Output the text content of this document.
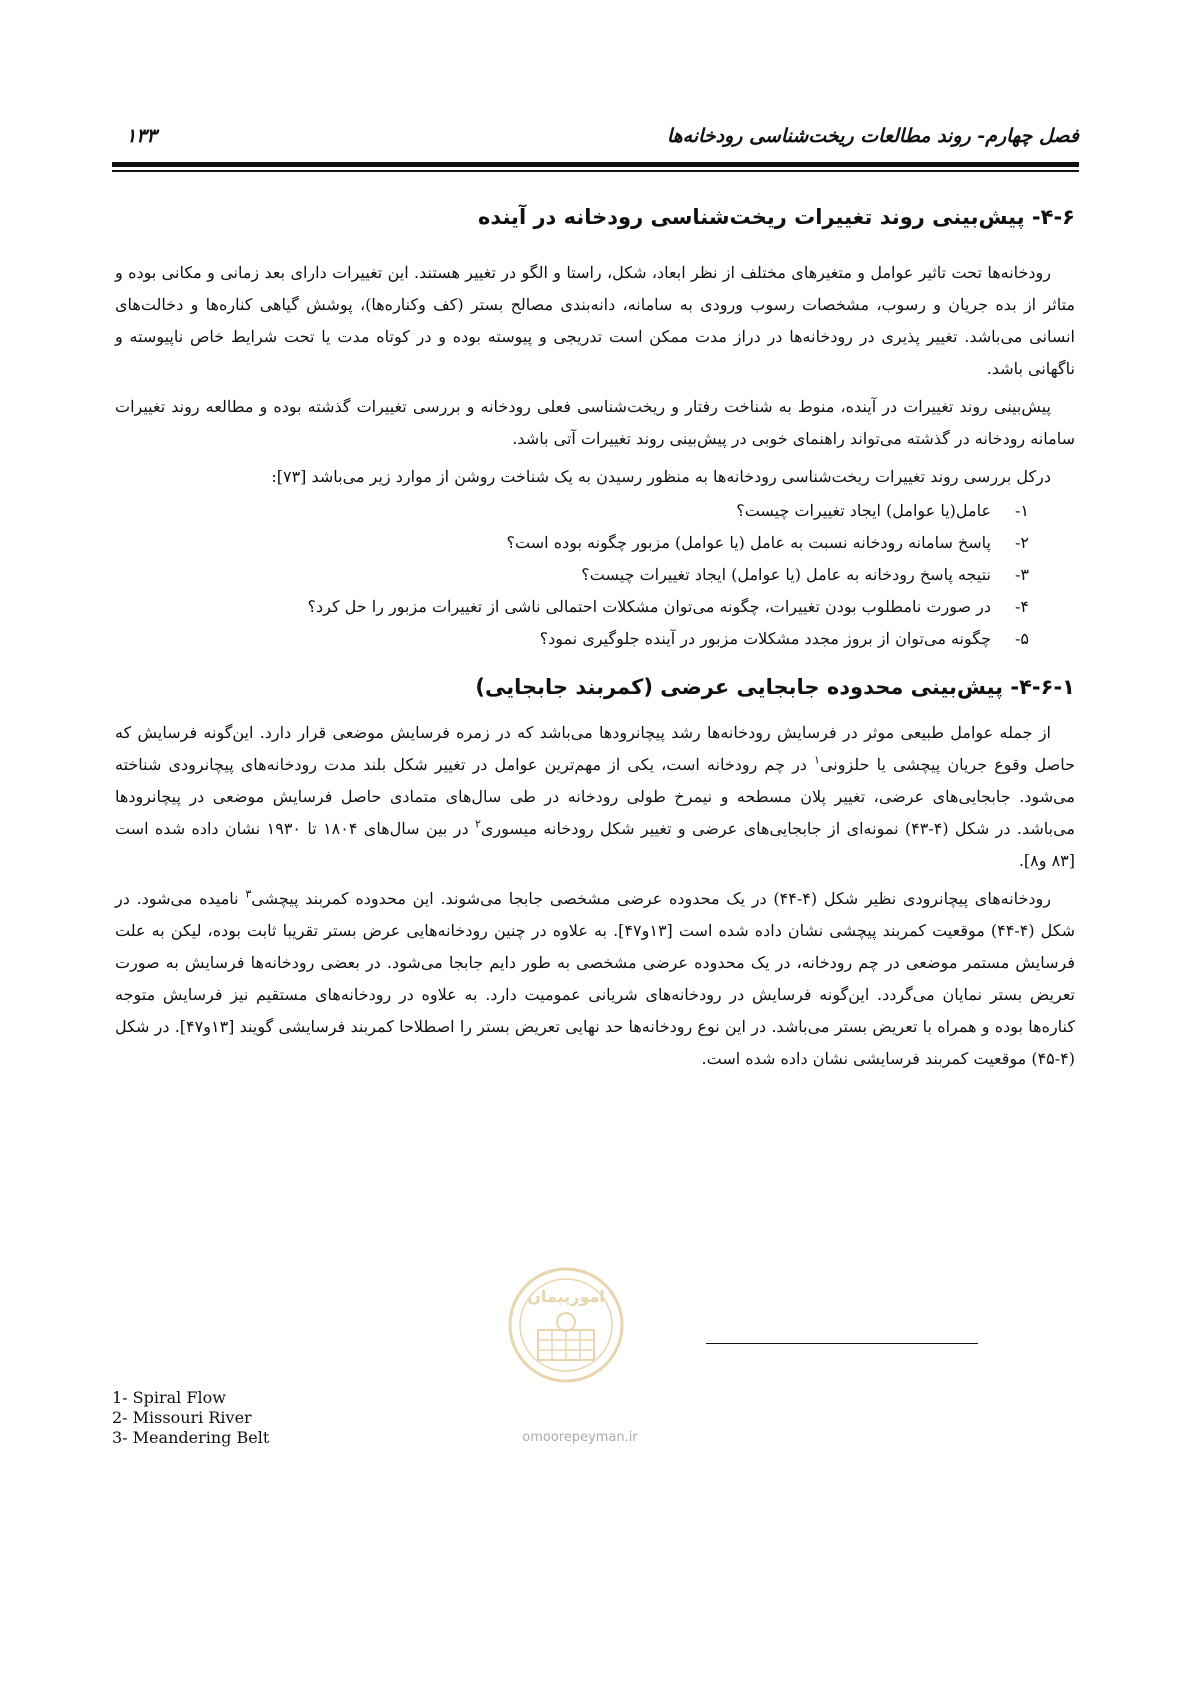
فصل چهارم- روند مطالعات ریخت‌شناسی رودخانه‌ها
۱۳۳
۴-۶- پیش‌بینی روند تغییرات ریخت‌شناسی رودخانه در آینده

رودخانه‌ها تحت تاثیر عوامل و متغیرهای مختلف از نظر ابعاد، شکل، راستا و الگو در تغییر هستند. این تغییرات دارای بعد زمانی و مکانی بوده و متاثر از بده جریان و رسوب، مشخصات رسوب ورودی به سامانه، دانه‌بندی مصالح بستر (کف وکناره‌ها)، پوشش گیاهی کناره‌ها و دخالت‌های انسانی می‌باشد. تغییر پذیری در رودخانه‌ها در دراز مدت ممکن است تدریجی و پیوسته بوده و در کوتاه مدت یا تحت شرایط خاص ناپیوسته و ناگهانی باشد.

پیش‌بینی روند تغییرات در آینده، منوط به شناخت رفتار و ریخت‌شناسی فعلی رودخانه و بررسی تغییرات گذشته بوده و مطالعه روند تغییرات سامانه رودخانه در گذشته می‌تواند راهنمای خوبی در پیش‌بینی روند تغییرات آتی باشد.

درکل بررسی روند تغییرات ریخت‌شناسی رودخانه‌ها به منظور رسیدن به یک شناخت روشن از موارد زیر می‌باشد [۷۳]:
۱-
عامل(یا عوامل) ایجاد تغییرات چیست؟
۲-
پاسخ سامانه رودخانه نسبت به عامل (یا عوامل) مزبور چگونه بوده است؟
۳-
نتیجه پاسخ رودخانه به عامل (یا عوامل) ایجاد تغییرات چیست؟
۴-
در صورت نامطلوب بودن تغییرات، چگونه می‌توان مشکلات احتمالی ناشی از تغییرات مزبور را حل کرد؟
۵-
چگونه می‌توان از بروز مجدد مشکلات مزبور در آینده جلوگیری نمود؟
۴-۶-۱- پیش‌بینی محدوده جابجایی عرضی (کمربند جابجایی)

از جمله عوامل طبیعی موثر در فرسایش رودخانه‌ها رشد پیچانرودها می‌باشد که در زمره فرسایش موضعی قرار دارد. این‌گونه فرسایش که حاصل وقوع جریان پیچشی یا حلزونی$^۱$ در چم رودخانه است، یکی از مهم‌ترین عوامل در تغییر شکل بلند مدت رودخانه‌های پیچانرودی شناخته می‌شود. جابجایی‌های عرضی، تغییر پلان مسطحه و نیمرخ طولی رودخانه در طی سال‌های متمادی حاصل فرسایش موضعی در پیچانرودها می‌باشد. در شکل (۴-۴۳) نمونه‌ای از جابجایی‌های عرضی و تغییر شکل رودخانه میسوری$^۲$ در بین سال‌های ۱۸۰۴ تا ۱۹۳۰ نشان داده شده است [۸۳ و۸].

رودخانه‌های پیچانرودی نظیر شکل (۴-۴۴) در یک محدوده عرضی مشخصی جابجا می‌شوند. این محدوده کمربند پیچشی$^۳$ نامیده می‌شود. در شکل (۴-۴۴) موقعیت کمربند پیچشی نشان داده شده است [۱۳و۴۷]. به علاوه در چنین رودخانه‌هایی عرض بستر تقریبا ثابت بوده، لیکن به علت فرسایش مستمر موضعی در چم رودخانه، در یک محدوده عرضی مشخصی به طور دایم جابجا می‌شود. در بعضی رودخانه‌ها فرسایش به صورت تعریض بستر نمایان می‌گردد. این‌گونه فرسایش در رودخانه‌های شریانی عمومیت دارد. به علاوه در رودخانه‌های مستقیم نیز فرسایش متوجه کناره‌ها بوده و همراه با تعریض بستر می‌باشد. در این نوع رودخانه‌ها حد نهایی تعریض بستر را اصطلاحا کمربند فرسایشی گویند [۱۳و۴۷]. در شکل (۴-۴۵) موقعیت کمربند فرسایشی نشان داده شده است.

امورپیمان
omoorepeyman.ir
1- Spiral Flow
2- Missouri River
3- Meandering Belt
